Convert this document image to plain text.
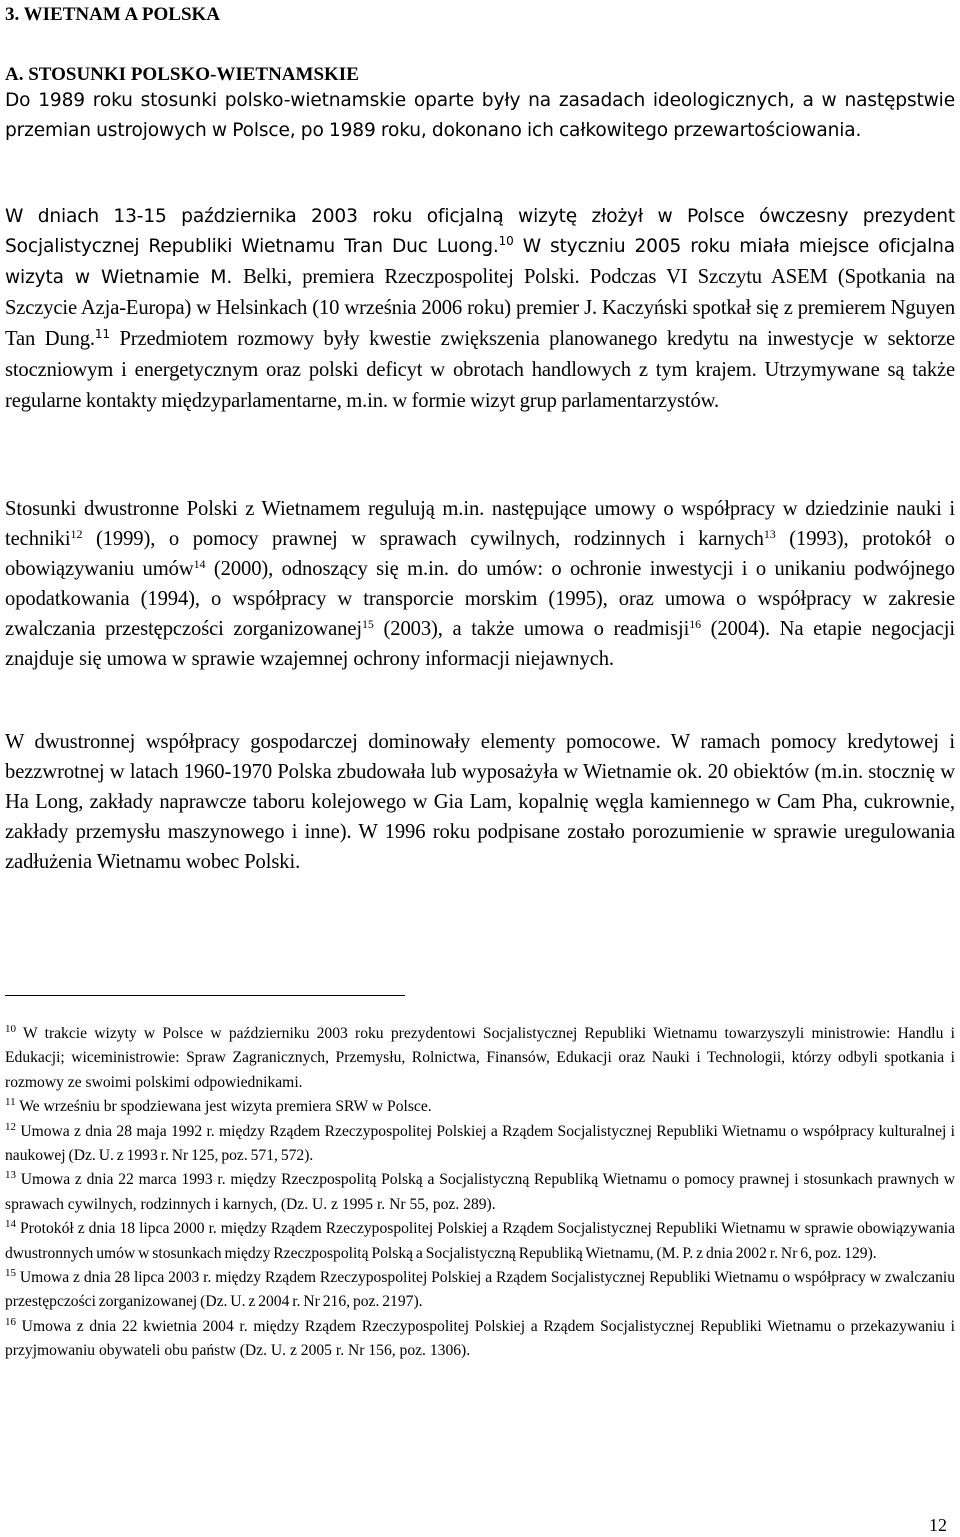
3. WIETNAM A POLSKA
A. STOSUNKI POLSKO-WIETNAMSKIE

Do 1989 roku stosunki polsko-wietnamskie oparte były na zasadach ideologicznych, a w następstwie przemian ustrojowych w Polsce, po 1989 roku, dokonano ich całkowitego przewartościowania.

W dniach 13-15 października 2003 roku oficjalną wizytę złożył w Polsce ówczesny prezydent Socjalistycznej Republiki Wietnamu Tran Duc Luong.$^{10}$ W styczniu 2005 roku miała miejsce oficjalna wizyta w Wietnamie M. Belki, premiera Rzeczpospolitej Polski. Podczas VI Szczytu ASEM (Spotkania na Szczycie Azja-Europa) w Helsinkach (10 września 2006 roku) premier J. Kaczyński spotkał się z premierem Nguyen Tan Dung.$^{11}$ Przedmiotem rozmowy były kwestie zwiększenia planowanego kredytu na inwestycje w sektorze stoczniowym i energetycznym oraz polski deficyt w obrotach handlowych z tym krajem. Utrzymywane są także regularne kontakty międzyparlamentarne, m.in. w formie wizyt grup parlamentarzystów.

Stosunki dwustronne Polski z Wietnamem regulują m.in. następujące umowy o współpracy w dziedzinie nauki i techniki$^{12}$ (1999), o pomocy prawnej w sprawach cywilnych, rodzinnych i karnych$^{13}$ (1993), protokół o obowiązywaniu umów$^{14}$ (2000), odnoszący się m.in. do umów: o ochronie inwestycji i o unikaniu podwójnego opodatkowania (1994), o współpracy w transporcie morskim (1995), oraz umowa o współpracy w zakresie zwalczania przestępczości zorganizowanej$^{15}$ (2003), a także umowa o readmisji$^{16}$ (2004). Na etapie negocjacji znajduje się umowa w sprawie wzajemnej ochrony informacji niejawnych.

W dwustronnej współpracy gospodarczej dominowały elementy pomocowe. W ramach pomocy kredytowej i bezzwrotnej w latach 1960-1970 Polska zbudowała lub wyposażyła w Wietnamie ok. 20 obiektów (m.in. stocznię w Ha Long, zakłady naprawcze taboru kolejowego w Gia Lam, kopalnię węgla kamiennego w Cam Pha, cukrownie, zakłady przemysłu maszynowego i inne). W 1996 roku podpisane zostało porozumienie w sprawie uregulowania zadłużenia Wietnamu wobec Polski.

$^{10}$ W trakcie wizyty w Polsce w październiku 2003 roku prezydentowi Socjalistycznej Republiki Wietnamu towarzyszyli ministrowie: Handlu i Edukacji; wiceministrowie: Spraw Zagranicznych, Przemysłu, Rolnictwa, Finansów, Edukacji oraz Nauki i Technologii, którzy odbyli spotkania i rozmowy ze swoimi polskimi odpowiednikami.

$^{11}$ We wrześniu br spodziewana jest wizyta premiera SRW w Polsce.

$^{12}$ Umowa z dnia 28 maja 1992 r. między Rządem Rzeczypospolitej Polskiej a Rządem Socjalistycznej Republiki Wietnamu o współpracy kulturalnej i naukowej (Dz. U. z 1993 r. Nr 125, poz. 571, 572).

$^{13}$ Umowa z dnia 22 marca 1993 r. między Rzeczpospolitą Polską a Socjalistyczną Republiką Wietnamu o pomocy prawnej i stosunkach prawnych w sprawach cywilnych, rodzinnych i karnych, (Dz. U. z 1995 r. Nr 55, poz. 289).

$^{14}$ Protokół z dnia 18 lipca 2000 r. między Rządem Rzeczypospolitej Polskiej a Rządem Socjalistycznej Republiki Wietnamu w sprawie obowiązywania dwustronnych umów w stosunkach między Rzeczpospolitą Polską a Socjalistyczną Republiką Wietnamu, (M. P. z dnia 2002 r. Nr 6, poz. 129).

$^{15}$ Umowa z dnia 28 lipca 2003 r. między Rządem Rzeczypospolitej Polskiej a Rządem Socjalistycznej Republiki Wietnamu o współpracy w zwalczaniu przestępczości zorganizowanej (Dz. U. z 2004 r. Nr 216, poz. 2197).

$^{16}$ Umowa z dnia 22 kwietnia 2004 r. między Rządem Rzeczypospolitej Polskiej a Rządem Socjalistycznej Republiki Wietnamu o przekazywaniu i przyjmowaniu obywateli obu państw (Dz. U. z 2005 r. Nr 156, poz. 1306).

12
